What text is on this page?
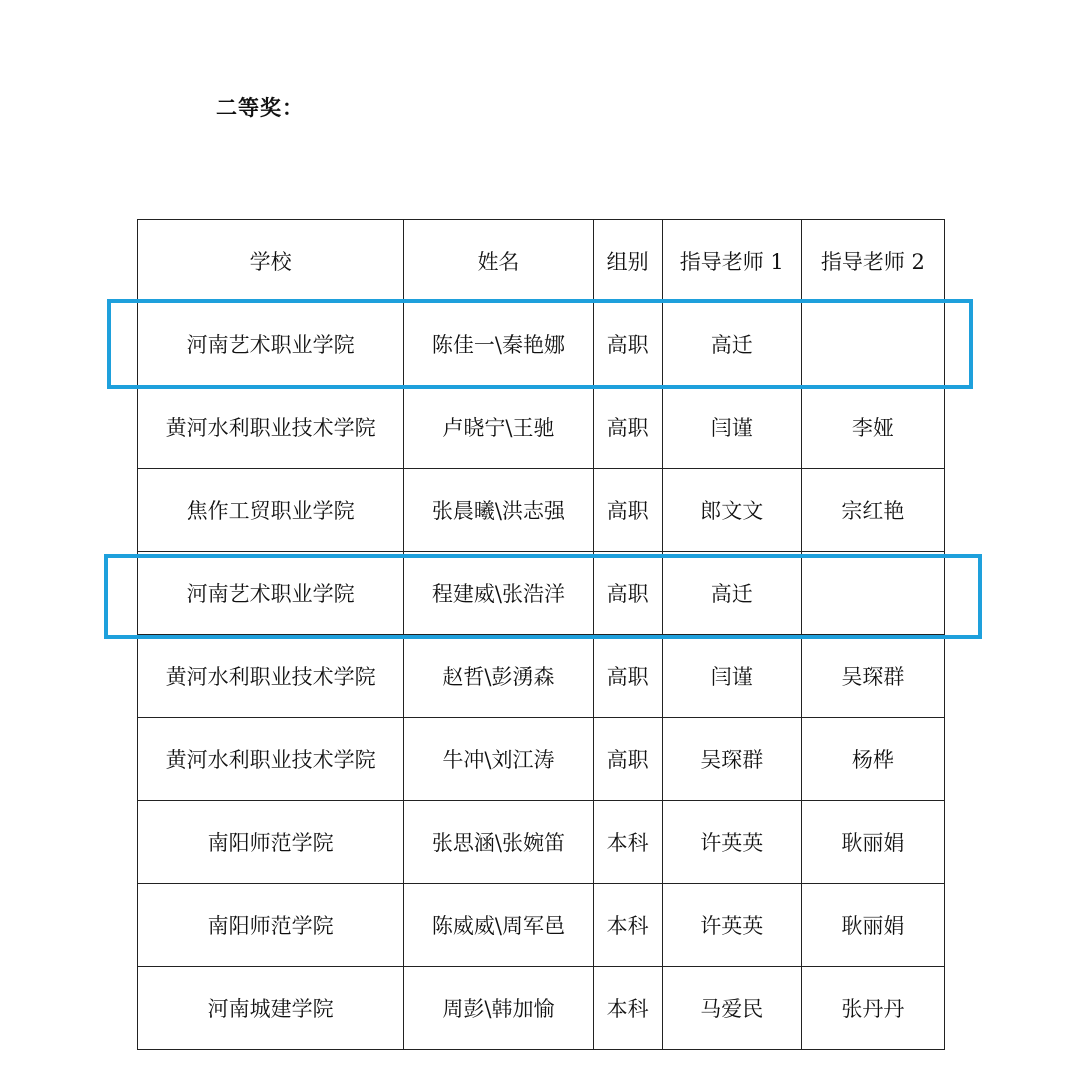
二等奖：
学校	姓名	组别	指导老师 1	指导老师 2
河南艺术职业学院	陈佳一\秦艳娜	高职	高迁	
黄河水利职业技术学院	卢晓宁\王驰	高职	闫谨	李娅
焦作工贸职业学院	张晨曦\洪志强	高职	郎文文	宗红艳
河南艺术职业学院	程建威\张浩洋	高职	高迁	
黄河水利职业技术学院	赵哲\彭湧森	高职	闫谨	吴琛群
黄河水利职业技术学院	牛冲\刘江涛	高职	吴琛群	杨桦
南阳师范学院	张思涵\张婉笛	本科	许英英	耿丽娟
南阳师范学院	陈威威\周军邑	本科	许英英	耿丽娟
河南城建学院	周彭\韩加愉	本科	马爱民	张丹丹
